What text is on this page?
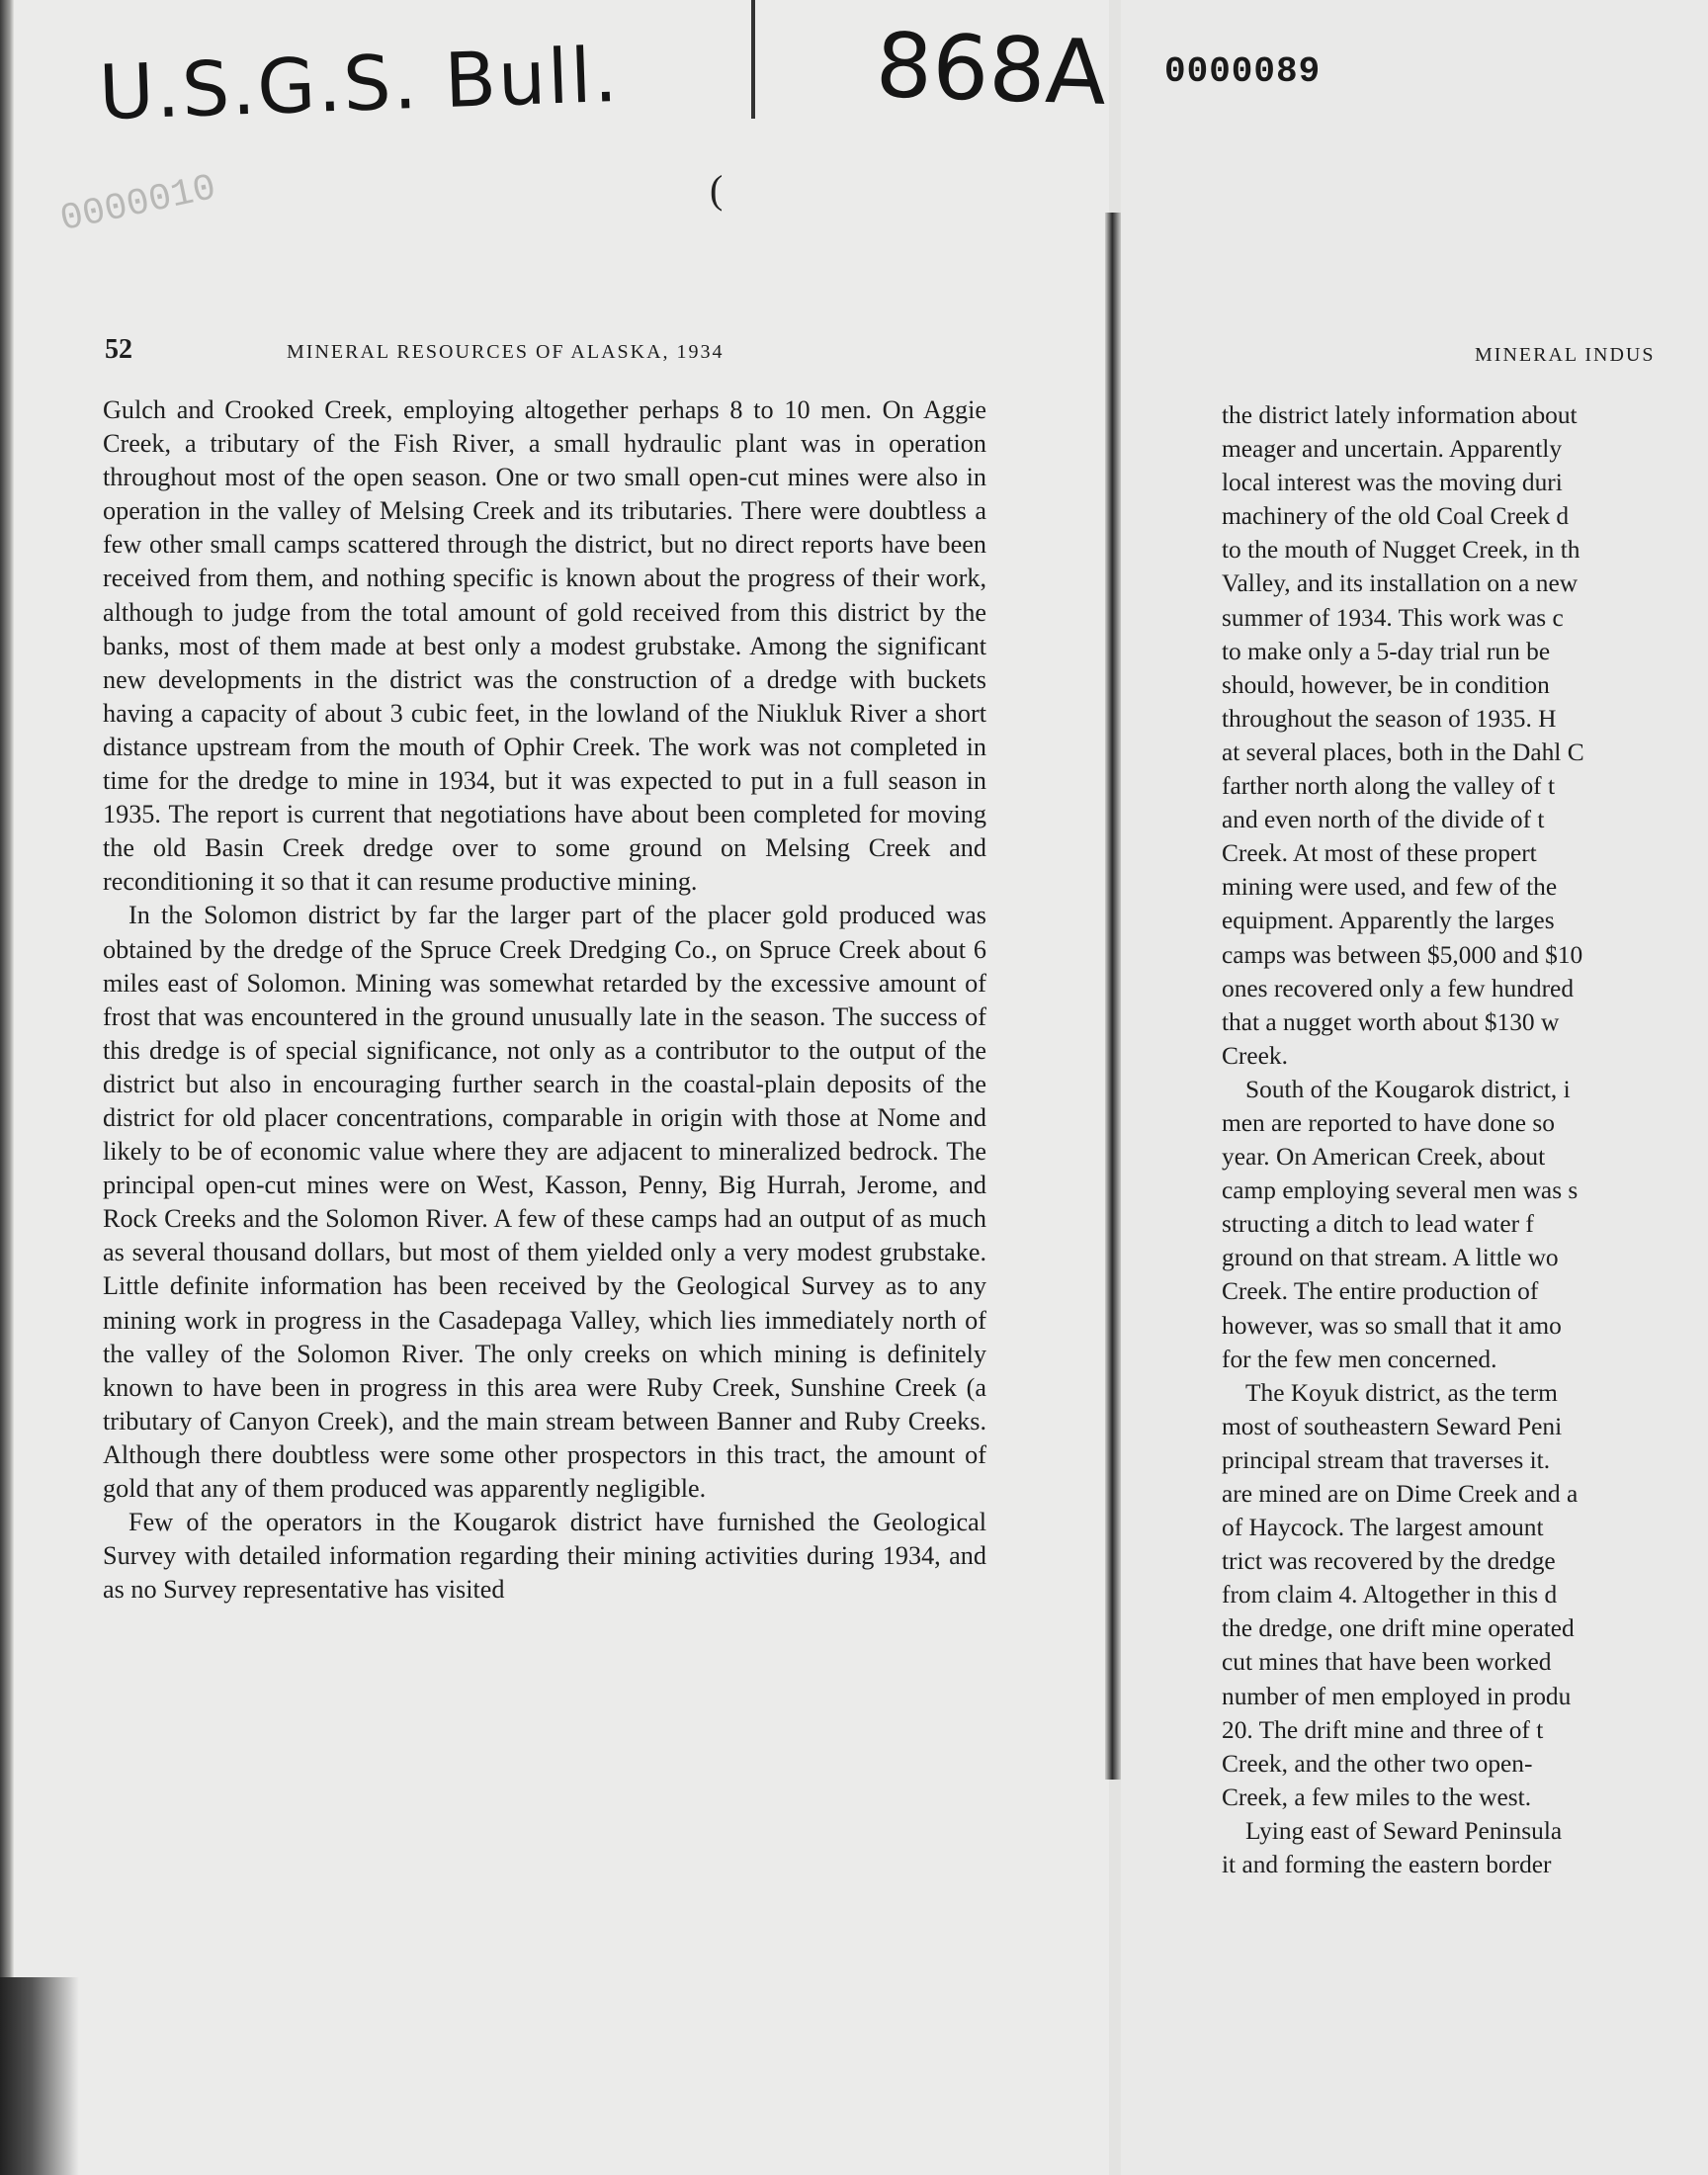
MINERAL INDUS
the district lately information about
meager and uncertain. Apparently
local interest was the moving duri
machinery of the old Coal Creek d
to the mouth of Nugget Creek, in th
Valley, and its installation on a new
summer of 1934. This work was c
to make only a 5-day trial run be
should, however, be in condition
throughout the season of 1935. H
at several places, both in the Dahl C
farther north along the valley of t
and even north of the divide of t
Creek. At most of these propert
mining were used, and few of the
equipment. Apparently the larges
camps was between $5,000 and $10
ones recovered only a few hundred
that a nugget worth about $130 w
Creek.
South of the Kougarok district, i
men are reported to have done so
year. On American Creek, about
camp employing several men was s
structing a ditch to lead water f
ground on that stream. A little wo
Creek. The entire production of
however, was so small that it amo
for the few men concerned.
The Koyuk district, as the term
most of southeastern Seward Peni
principal stream that traverses it.
are mined are on Dime Creek and a
of Haycock. The largest amount
trict was recovered by the dredge
from claim 4. Altogether in this d
the dredge, one drift mine operated
cut mines that have been worked
number of men employed in produ
20. The drift mine and three of t
Creek, and the other two open-
Creek, a few miles to the west.
Lying east of Seward Peninsula
it and forming the eastern border
U.S.G.S. Bull.	868A 0000089
0000010	(
52	MINERAL RESOURCES OF ALASKA, 1934

Gulch and Crooked Creek, employing altogether perhaps 8 to 10 men. On Aggie Creek, a tributary of the Fish River, a small hydraulic plant was in operation throughout most of the open season. One or two small open-cut mines were also in operation in the valley of Melsing Creek and its tributaries. There were doubtless a few other small camps scattered through the district, but no direct reports have been received from them, and nothing specific is known about the progress of their work, although to judge from the total amount of gold received from this district by the banks, most of them made at best only a modest grubstake. Among the significant new developments in the district was the construction of a dredge with buckets having a capacity of about 3 cubic feet, in the lowland of the Niukluk River a short distance upstream from the mouth of Ophir Creek. The work was not completed in time for the dredge to mine in 1934, but it was expected to put in a full season in 1935. The report is current that negotiations have about been completed for moving the old Basin Creek dredge over to some ground on Melsing Creek and reconditioning it so that it can resume productive mining.

In the Solomon district by far the larger part of the placer gold produced was obtained by the dredge of the Spruce Creek Dredging Co., on Spruce Creek about 6 miles east of Solomon. Mining was somewhat retarded by the excessive amount of frost that was encountered in the ground unusually late in the season. The success of this dredge is of special significance, not only as a contributor to the output of the district but also in encouraging further search in the coastal-plain deposits of the district for old placer concentrations, comparable in origin with those at Nome and likely to be of economic value where they are adjacent to mineralized bedrock. The principal open-cut mines were on West, Kasson, Penny, Big Hurrah, Jerome, and Rock Creeks and the Solomon River. A few of these camps had an output of as much as several thousand dollars, but most of them yielded only a very modest grubstake. Little definite information has been received by the Geological Survey as to any mining work in progress in the Casadepaga Valley, which lies immediately north of the valley of the Solomon River. The only creeks on which mining is definitely known to have been in progress in this area were Ruby Creek, Sunshine Creek (a tributary of Canyon Creek), and the main stream between Banner and Ruby Creeks. Although there doubtless were some other prospectors in this tract, the amount of gold that any of them produced was apparently negligible.

Few of the operators in the Kougarok district have furnished the Geological Survey with detailed information regarding their mining activities during 1934, and as no Survey representative has visited
